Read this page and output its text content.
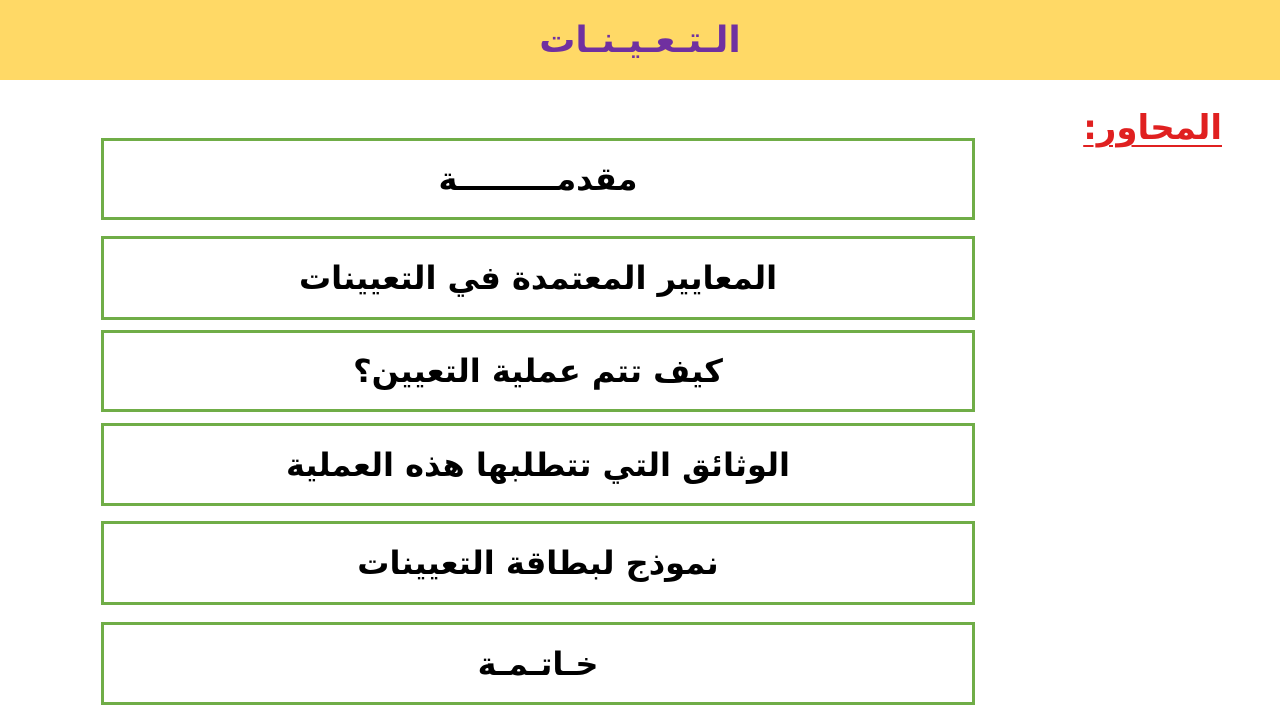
الـتـعـيـنـات
المحاور:
مقدمـــــــــة
المعايير المعتمدة في التعيينات
كيف تتم عملية التعيين؟
الوثائق التي تتطلبها هذه العملية
نموذج لبطاقة التعيينات
خـاتـمـة
